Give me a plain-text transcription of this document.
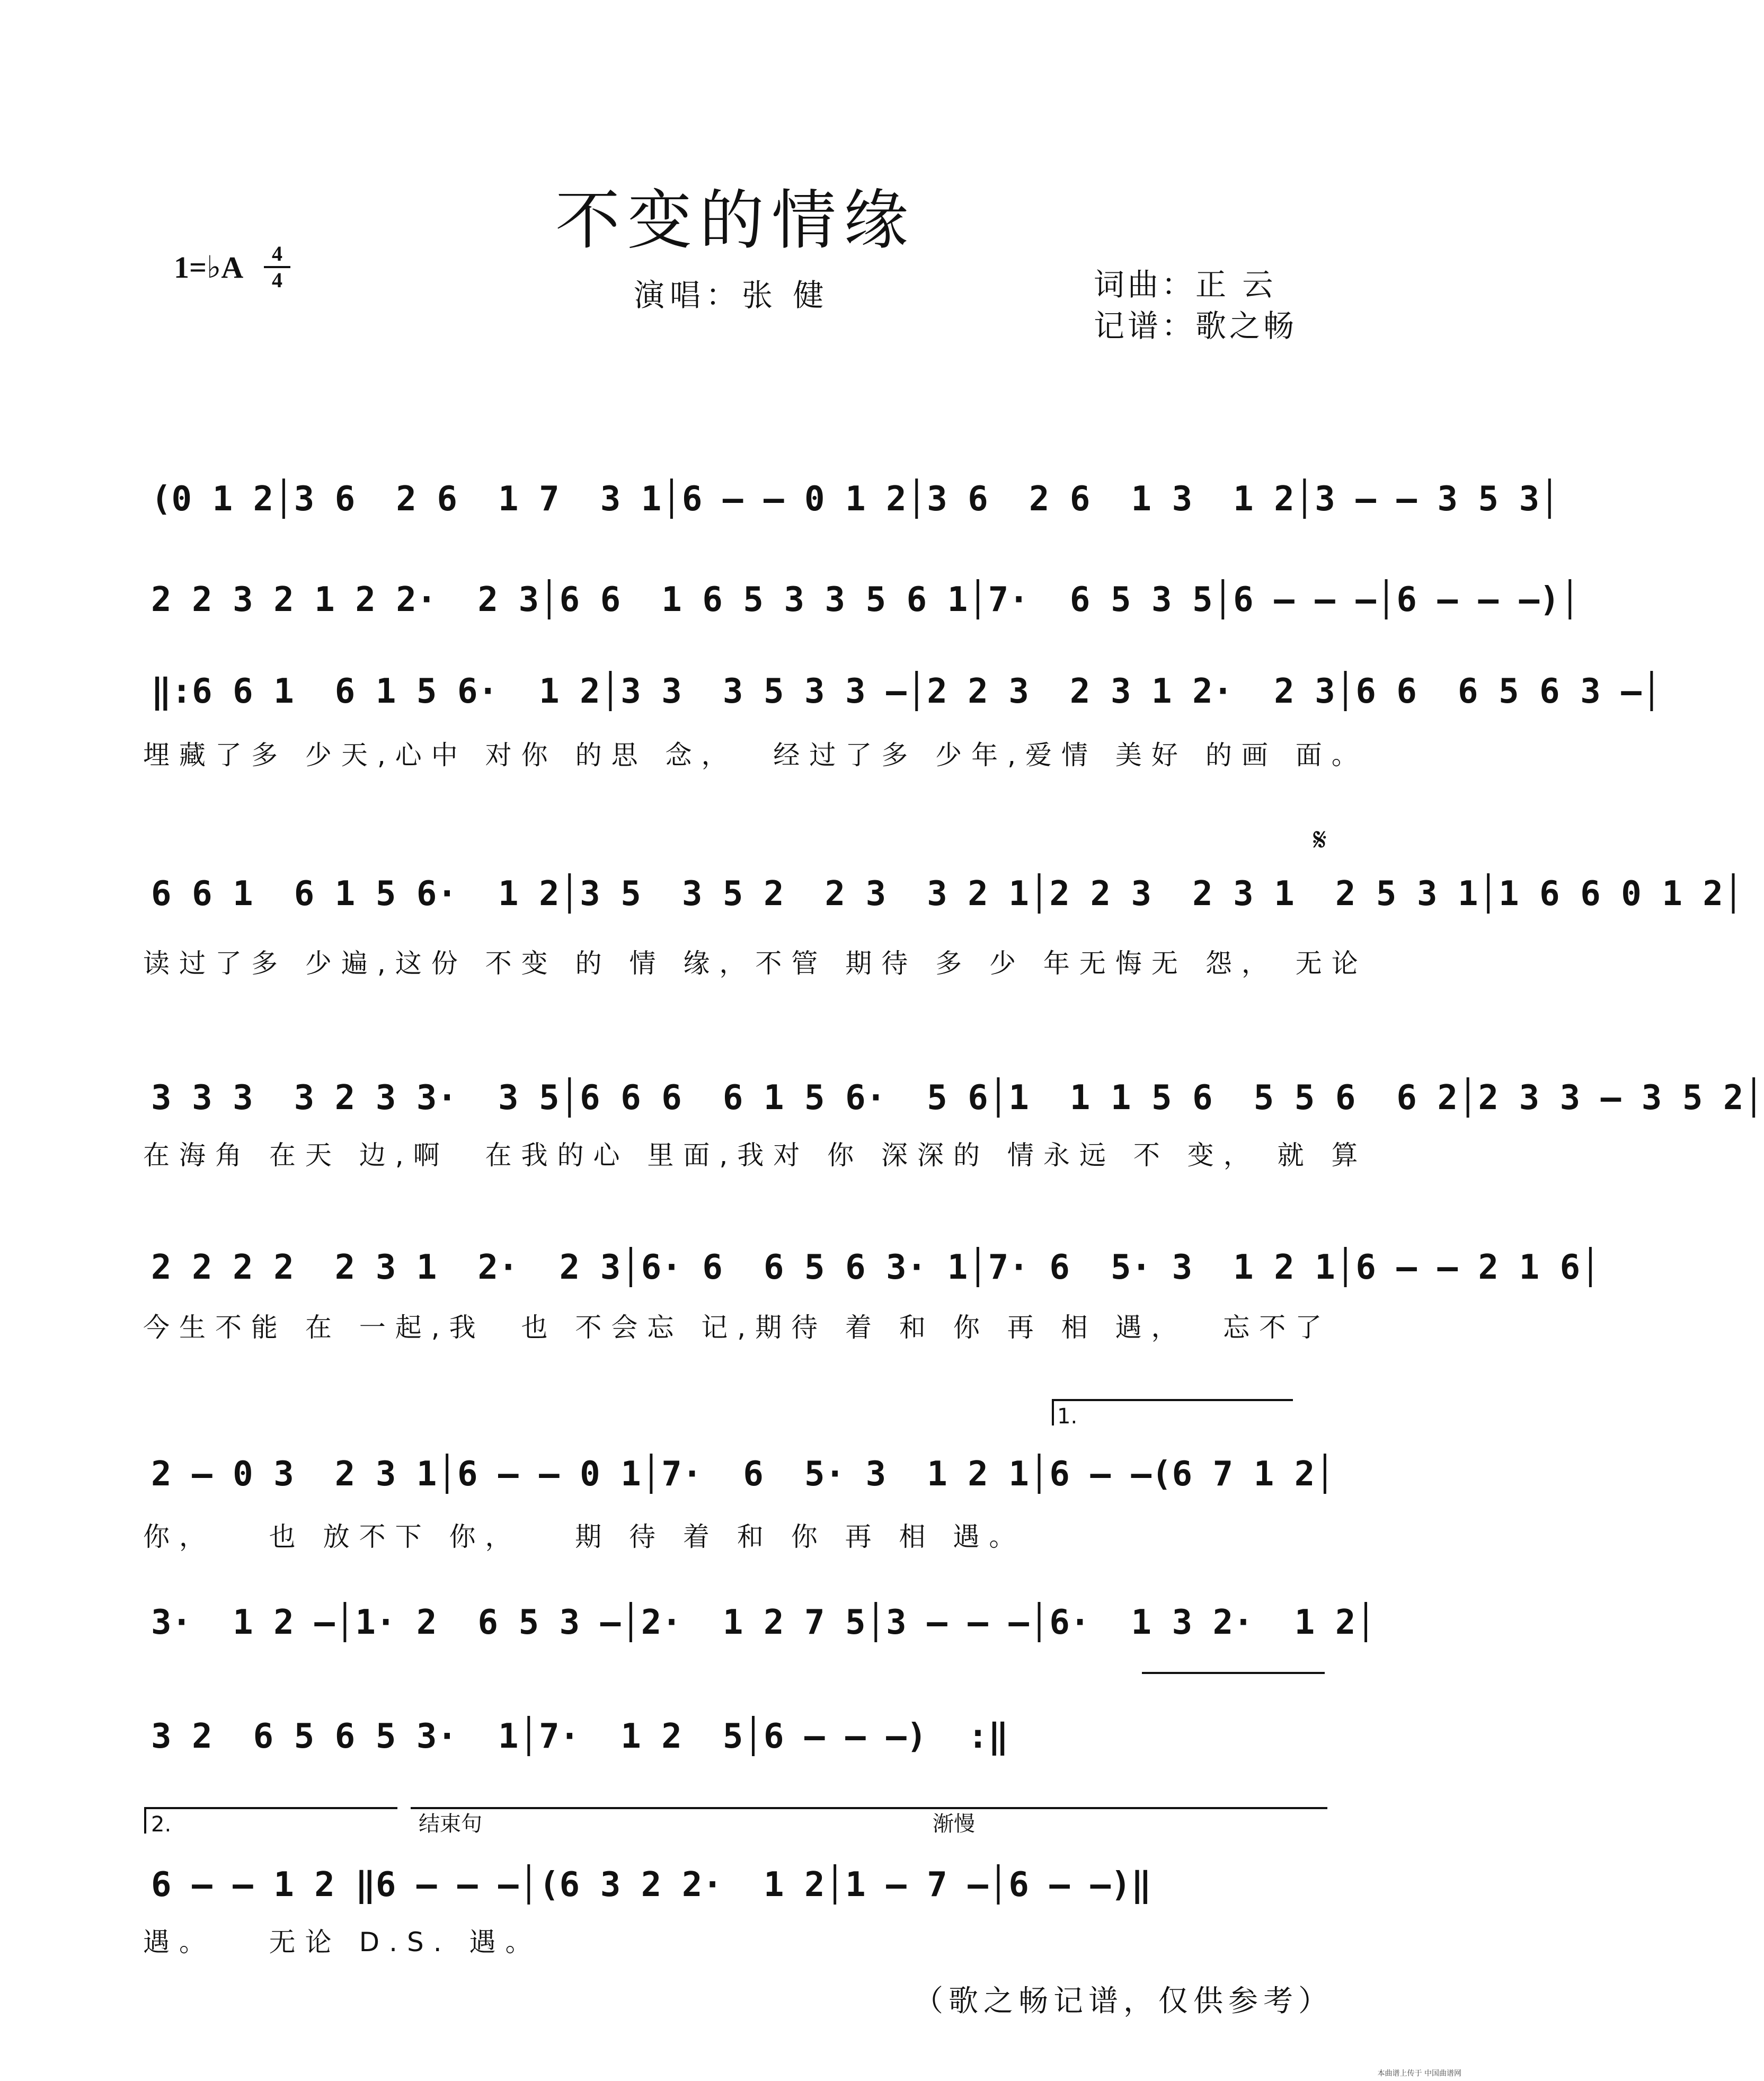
不变的情缘
1=♭A	4
4	演唱：张 健	词曲：正 云
记谱：歌之畅
(0 1 2│3 6  2 6  1 7  3 1│6 – – 0 1 2│3 6  2 6  1 3  1 2│3 – – 3 5 3│
2 2 3 2 1 2 2·  2 3│6 6  1 6 5 3 3 5 6 1│7·  6 5 3 5│6 – – –│6 – – –)│
‖:6 6 1  6 1 5 6·  1 2│3 3  3 5 3 3 –│2 2 3  2 3 1 2·  2 3│6 6  6 5 6 3 –│
埋藏了多 少天,心中 对你 的思 念，  经过了多 少年,爱情 美好 的画 面。
𝄋
6 6 1  6 1 5 6·  1 2│3 5  3 5 2  2 3  3 2 1│2 2 3  2 3 1  2 5 3 1│1 6 6 0 1 2│
读过了多 少遍,这份 不变 的 情 缘，不管 期待 多 少 年无悔无 怨， 无论
3 3 3  3 2 3 3·  3 5│6 6 6  6 1 5 6·  5 6│1  1 1 5 6  5 5 6  6 2│2 3 3 – 3 5 2│
在海角 在天 边,啊  在我的心 里面,我对 你 深深的 情永远 不 变， 就 算
2 2 2 2  2 3 1  2·  2 3│6· 6  6 5 6 3· 1│7· 6  5· 3  1 2 1│6 – – 2 1 6│
今生不能 在 一起,我  也 不会忘 记,期待 着 和 你 再 相 遇，  忘不了
1.
2 – 0 3  2 3 1│6 – – 0 1│7·  6  5· 3  1 2 1│6 – –(6 7 1 2│
你，   也 放不下 你，   期 待 着 和 你 再 相 遇。
3·  1 2 –│1· 2  6 5 3 –│2·  1 2 7 5│3 – – –│6·  1 3 2·  1 2│
3 2  6 5 6 5 3·  1│7·  1 2  5│6 – – –)  :‖
2.	结束句	渐慢
6 – – 1 2 ‖6 – – –│(6 3 2 2·  1 2│1 – 7 –│6 – –)‖
遇。   无论 D.S. 遇。
（歌之畅记谱，仅供参考）
本曲谱上传于 中国曲谱网
